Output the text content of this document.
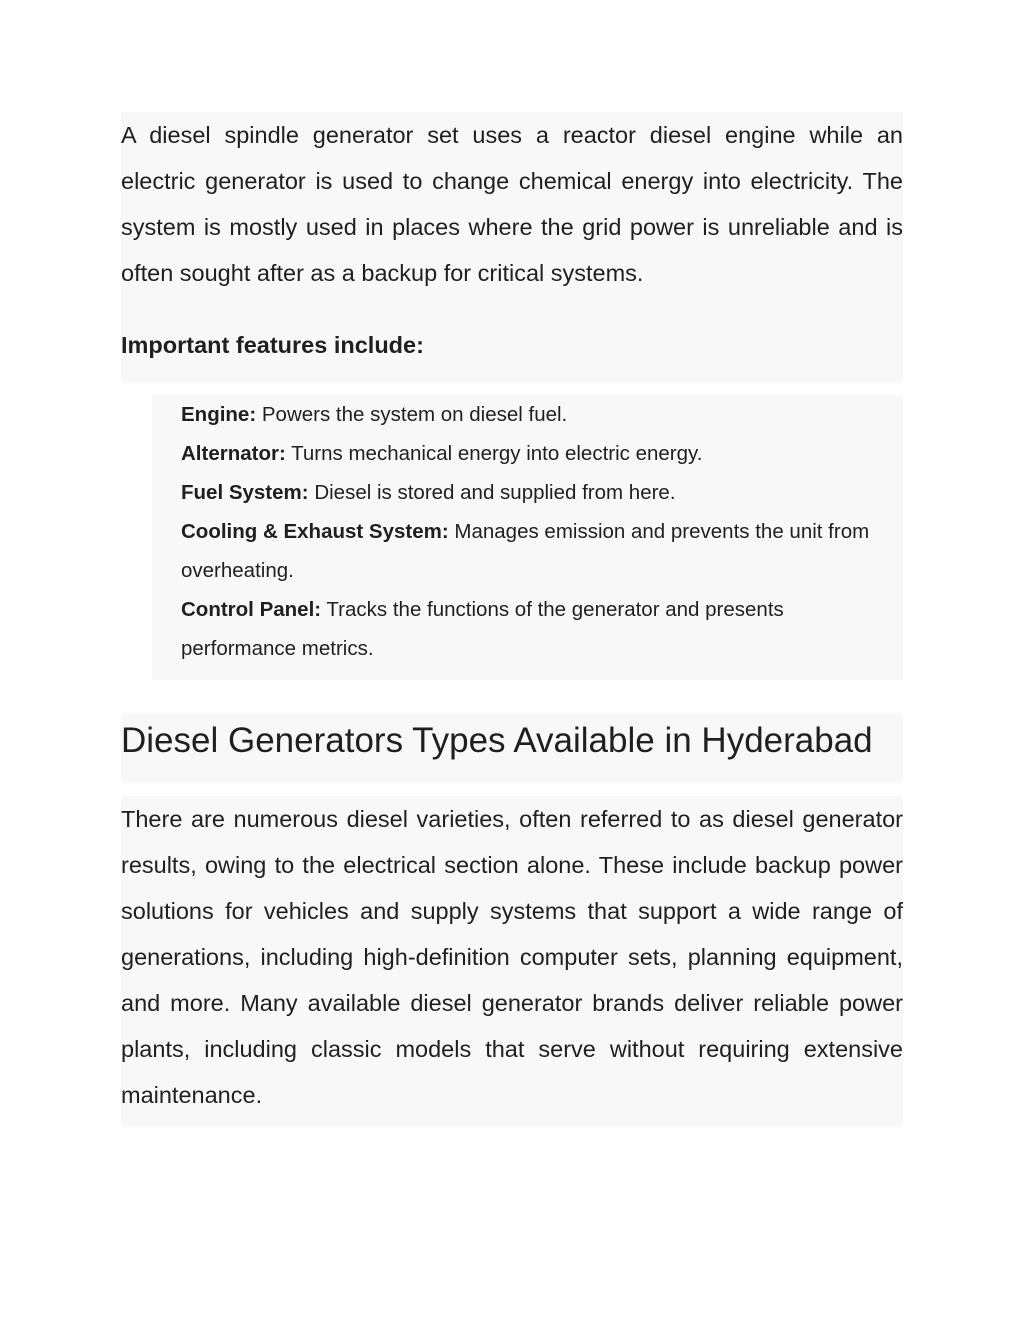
A diesel spindle generator set uses a reactor diesel engine while an electric generator is used to change chemical energy into electricity. The system is mostly used in places where the grid power is unreliable and is often sought after as a backup for critical systems.

Important features include:
Engine: Powers the system on diesel fuel.
Alternator: Turns mechanical energy into electric energy.
Fuel System: Diesel is stored and supplied from here.
Cooling & Exhaust System: Manages emission and prevents the unit from overheating.
Control Panel: Tracks the functions of the generator and presents performance metrics.
Diesel Generators Types Available in Hyderabad

There are numerous diesel varieties, often referred to as diesel generator results, owing to the electrical section alone. These include backup power solutions for vehicles and supply systems that support a wide range of generations, including high-definition computer sets, planning equipment, and more. Many available diesel generator brands deliver reliable power plants, including classic models that serve without requiring extensive maintenance.
